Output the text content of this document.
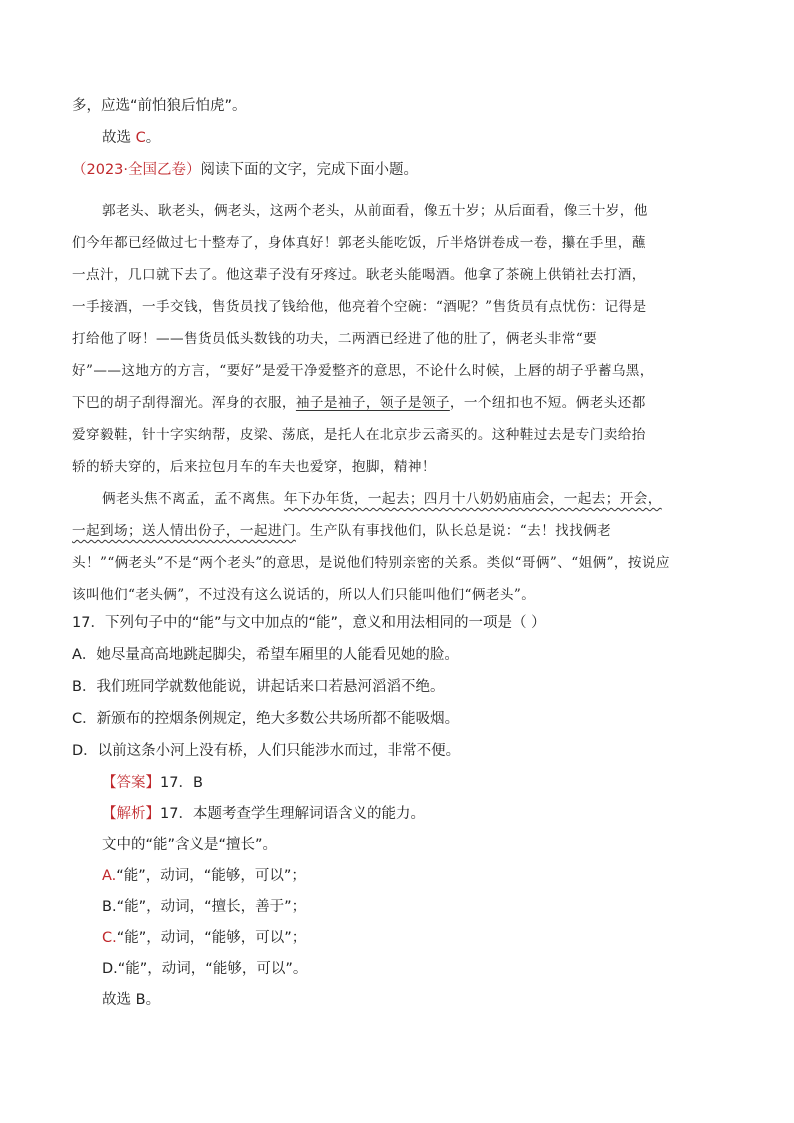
多，应选“前怕狼后怕虎”。
故选 C。
（2023·全国乙卷）阅读下面的文字，完成下面小题。
郭老头、耿老头，俩老头，这两个老头，从前面看，像五十岁；从后面看，像三十岁，他
们今年都已经做过七十整寿了，身体真好！郭老头能吃饭，斤半烙饼卷成一卷，攥在手里，蘸
一点汁，几口就下去了。他这辈子没有牙疼过。耿老头能喝酒。他拿了茶碗上供销社去打酒，
一手接酒，一手交钱，售货员找了钱给他，他亮着个空碗：“酒呢？”售货员有点忧伤：记得是
打给他了呀！——售货员低头数钱的功夫，二两酒已经进了他的肚了，俩老头非常“要
好”——这地方的方言，“要好”是爱干净爱整齐的意思，不论什么时候，上唇的胡子乎蓄乌黑，
下巴的胡子刮得溜光。浑身的衣服，袖子是袖子，领子是领子，一个纽扣也不短。俩老头还都
爱穿毅鞋，针十字实纳帮，皮梁、荡底，是托人在北京步云斋买的。这种鞋过去是专门卖给抬
轿的轿夫穿的，后来拉包月车的车夫也爱穿，抱脚，精神！
俩老头焦不离孟，孟不离焦。年下办年货，一起去；四月十八奶奶庙庙会，一起去；开会，
一起到场；送人情出份子，一起进门。生产队有事找他们，队长总是说：“去！找找俩老
头！”“俩老头”不是“两个老头”的意思，是说他们特别亲密的关系。类似“哥俩”、“姐俩”，按说应
该叫他们“老头俩”，不过没有这么说话的，所以人们只能叫他们“俩老头”。
17．下列句子中的“能”与文中加点的“能”，意义和用法相同的一项是（ ）
A．她尽量高高地跳起脚尖，希望车厢里的人能看见她的脸。
B．我们班同学就数他能说，讲起话来口若悬河滔滔不绝。
C．新颁布的控烟条例规定，绝大多数公共场所都不能吸烟。
D．以前这条小河上没有桥，人们只能涉水而过，非常不便。
【答案】17．B
【解析】17．本题考查学生理解词语含义的能力。
文中的“能”含义是“擅长”。
A.“能”，动词，“能够，可以”；
B.“能”，动词，“擅长，善于”；
C.“能”，动词，“能够，可以”；
D.“能”，动词，“能够，可以”。
故选 B。
